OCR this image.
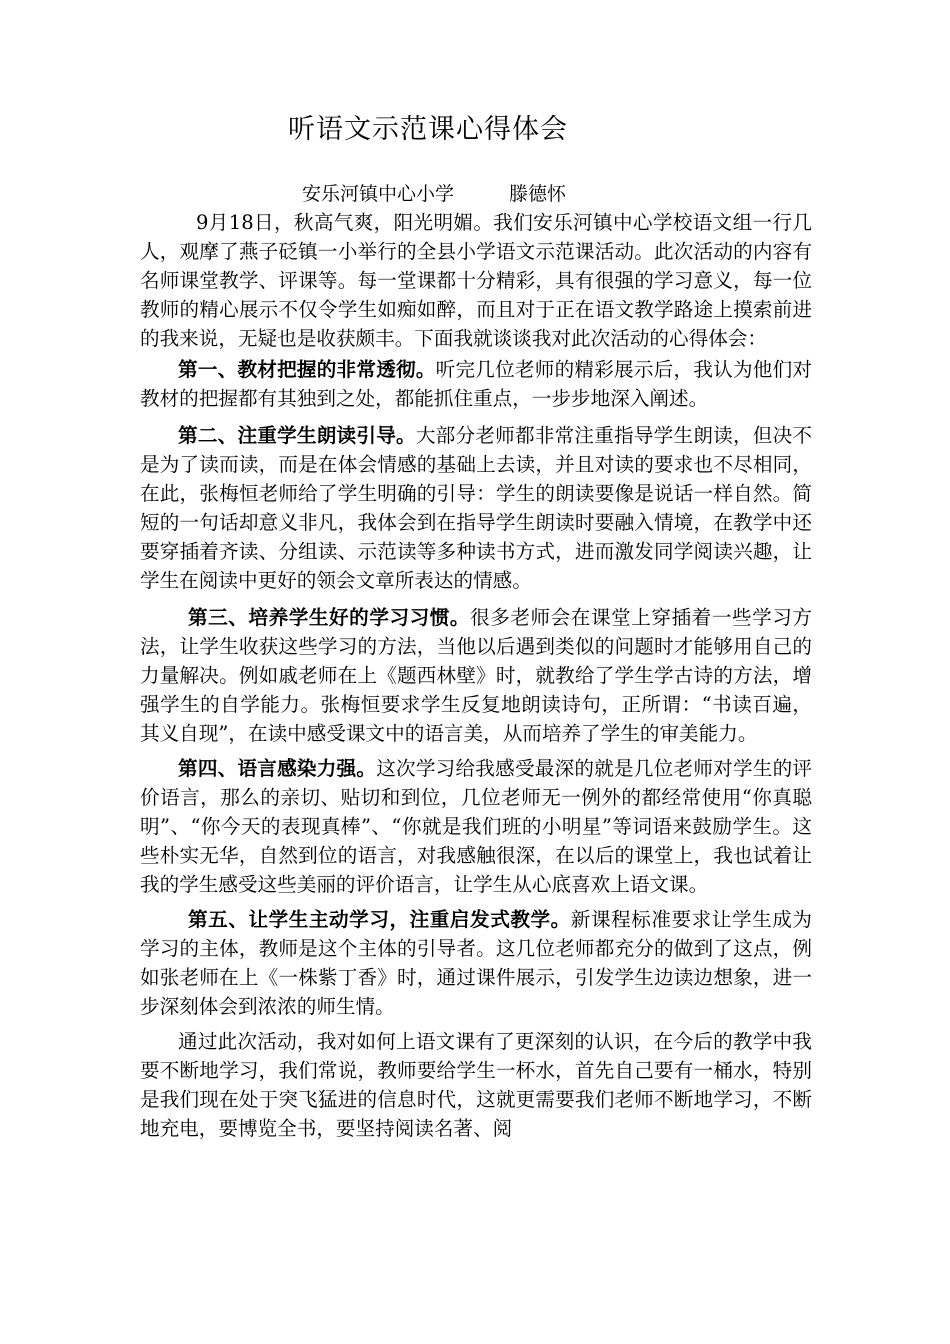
听语文示范课心得体会
安乐河镇中心小学	滕德怀

9月18日，秋高气爽，阳光明媚。我们安乐河镇中心学校语文组一行几人，观摩了燕子砭镇一小举行的全县小学语文示范课活动。此次活动的内容有名师课堂教学、评课等。每一堂课都十分精彩，具有很强的学习意义，每一位教师的精心展示不仅令学生如痴如醉，而且对于正在语文教学路途上摸索前进的我来说，无疑也是收获颇丰。下面我就谈谈我对此次活动的心得体会：

第一、教材把握的非常透彻。听完几位老师的精彩展示后，我认为他们对教材的把握都有其独到之处，都能抓住重点，一步步地深入阐述。

第二、注重学生朗读引导。大部分老师都非常注重指导学生朗读，但决不是为了读而读，而是在体会情感的基础上去读，并且对读的要求也不尽相同，在此，张梅恒老师给了学生明确的引导：学生的朗读要像是说话一样自然。简短的一句话却意义非凡，我体会到在指导学生朗读时要融入情境，在教学中还要穿插着齐读、分组读、示范读等多种读书方式，进而激发同学阅读兴趣，让学生在阅读中更好的领会文章所表达的情感。

第三、培养学生好的学习习惯。很多老师会在课堂上穿插着一些学习方法，让学生收获这些学习的方法，当他以后遇到类似的问题时才能够用自己的力量解决。例如戚老师在上《题西林壁》时，就教给了学生学古诗的方法，增强学生的自学能力。张梅恒要求学生反复地朗读诗句，正所谓：“书读百遍，其义自现”，在读中感受课文中的语言美，从而培养了学生的审美能力。

第四、语言感染力强。这次学习给我感受最深的就是几位老师对学生的评价语言，那么的亲切、贴切和到位，几位老师无一例外的都经常使用“你真聪明”、“你今天的表现真棒”、“你就是我们班的小明星”等词语来鼓励学生。这些朴实无华，自然到位的语言，对我感触很深，在以后的课堂上，我也试着让我的学生感受这些美丽的评价语言，让学生从心底喜欢上语文课。

第五、让学生主动学习，注重启发式教学。新课程标准要求让学生成为学习的主体，教师是这个主体的引导者。这几位老师都充分的做到了这点，例如张老师在上《一株紫丁香》时，通过课件展示，引发学生边读边想象，进一步深刻体会到浓浓的师生情。

通过此次活动，我对如何上语文课有了更深刻的认识，在今后的教学中我要不断地学习，我们常说，教师要给学生一杯水，首先自己要有一桶水，特别是我们现在处于突飞猛进的信息时代，这就更需要我们老师不断地学习，不断地充电，要博览全书，要坚持阅读名著、阅
